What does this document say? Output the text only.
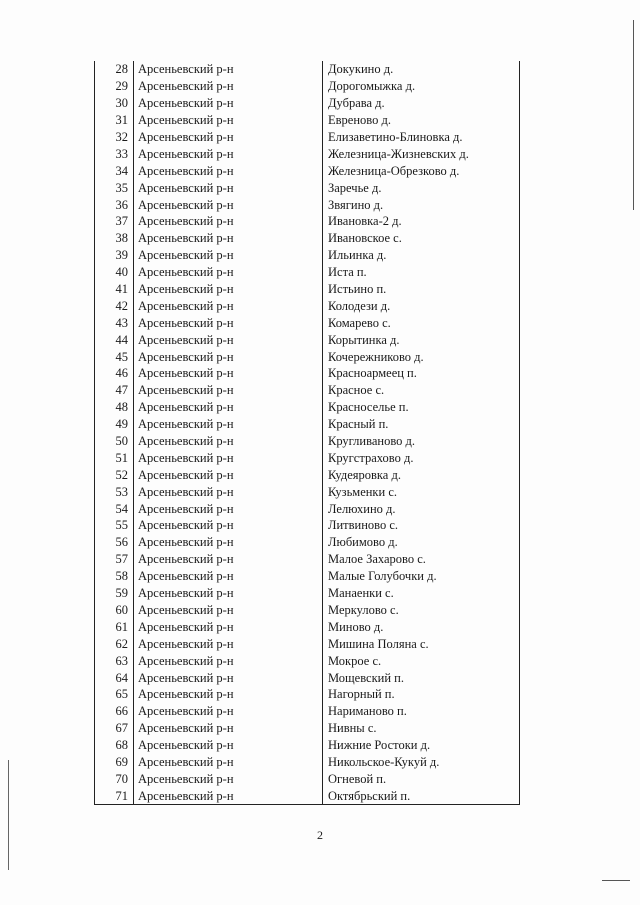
28	Арсеньевский р-н	Докукино д.
29	Арсеньевский р-н	Дорогомыжка д.
30	Арсеньевский р-н	Дубрава д.
31	Арсеньевский р-н	Евреново д.
32	Арсеньевский р-н	Елизаветино-Блиновка д.
33	Арсеньевский р-н	Железница-Жизневских д.
34	Арсеньевский р-н	Железница-Обрезково д.
35	Арсеньевский р-н	Заречье д.
36	Арсеньевский р-н	Звягино д.
37	Арсеньевский р-н	Ивановка-2 д.
38	Арсеньевский р-н	Ивановское с.
39	Арсеньевский р-н	Ильинка д.
40	Арсеньевский р-н	Иста п.
41	Арсеньевский р-н	Истьино п.
42	Арсеньевский р-н	Колодези д.
43	Арсеньевский р-н	Комарево с.
44	Арсеньевский р-н	Корытинка д.
45	Арсеньевский р-н	Кочережниково д.
46	Арсеньевский р-н	Красноармеец п.
47	Арсеньевский р-н	Красное с.
48	Арсеньевский р-н	Красноселье п.
49	Арсеньевский р-н	Красный п.
50	Арсеньевский р-н	Кругливаново д.
51	Арсеньевский р-н	Кругстрахово д.
52	Арсеньевский р-н	Кудеяровка д.
53	Арсеньевский р-н	Кузьменки с.
54	Арсеньевский р-н	Лелюхино д.
55	Арсеньевский р-н	Литвиново с.
56	Арсеньевский р-н	Любимово д.
57	Арсеньевский р-н	Малое Захарово с.
58	Арсеньевский р-н	Малые Голубочки д.
59	Арсеньевский р-н	Манаенки с.
60	Арсеньевский р-н	Меркулово с.
61	Арсеньевский р-н	Миново д.
62	Арсеньевский р-н	Мишина Поляна с.
63	Арсеньевский р-н	Мокрое с.
64	Арсеньевский р-н	Мощевский п.
65	Арсеньевский р-н	Нагорный п.
66	Арсеньевский р-н	Нариманово п.
67	Арсеньевский р-н	Нивны с.
68	Арсеньевский р-н	Нижние Ростоки д.
69	Арсеньевский р-н	Никольское-Кукуй д.
70	Арсеньевский р-н	Огневой п.
71	Арсеньевский р-н	Октябрьский п.
2
